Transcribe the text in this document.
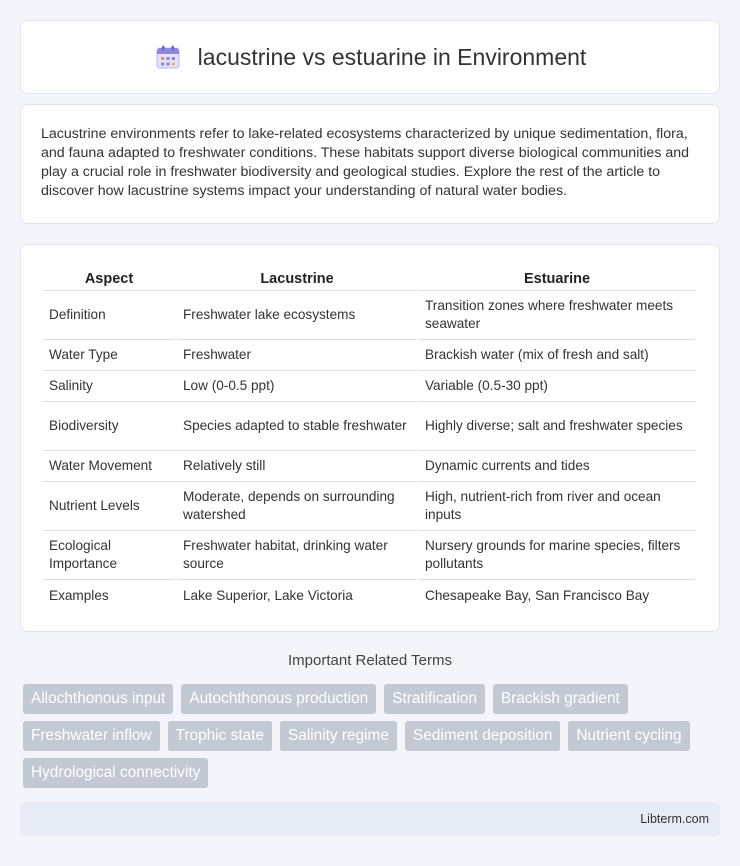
lacustrine vs estuarine in Environment

Lacustrine environments refer to lake-related ecosystems characterized by unique sedimentation, flora, and fauna adapted to freshwater conditions. These habitats support diverse biological communities and play a crucial role in freshwater biodiversity and geological studies. Explore the rest of the article to discover how lacustrine systems impact your understanding of natural water bodies.

Aspect	Lacustrine	Estuarine
Definition	Freshwater lake ecosystems	Transition zones where freshwater meets seawater
Water Type	Freshwater	Brackish water (mix of fresh and salt)
Salinity	Low (0-0.5 ppt)	Variable (0.5-30 ppt)
Biodiversity	Species adapted to stable freshwater	Highly diverse; salt and freshwater species
Water Movement	Relatively still	Dynamic currents and tides
Nutrient Levels	Moderate, depends on surrounding watershed	High, nutrient-rich from river and ocean inputs
Ecological Importance	Freshwater habitat, drinking water source	Nursery grounds for marine species, filters pollutants
Examples	Lake Superior, Lake Victoria	Chesapeake Bay, San Francisco Bay
Important Related Terms
Allochthonous input	Autochthonous production	Stratification	Brackish gradient
Freshwater inflow	Trophic state	Salinity regime	Sediment deposition	Nutrient cycling
Hydrological connectivity
Libterm.com
